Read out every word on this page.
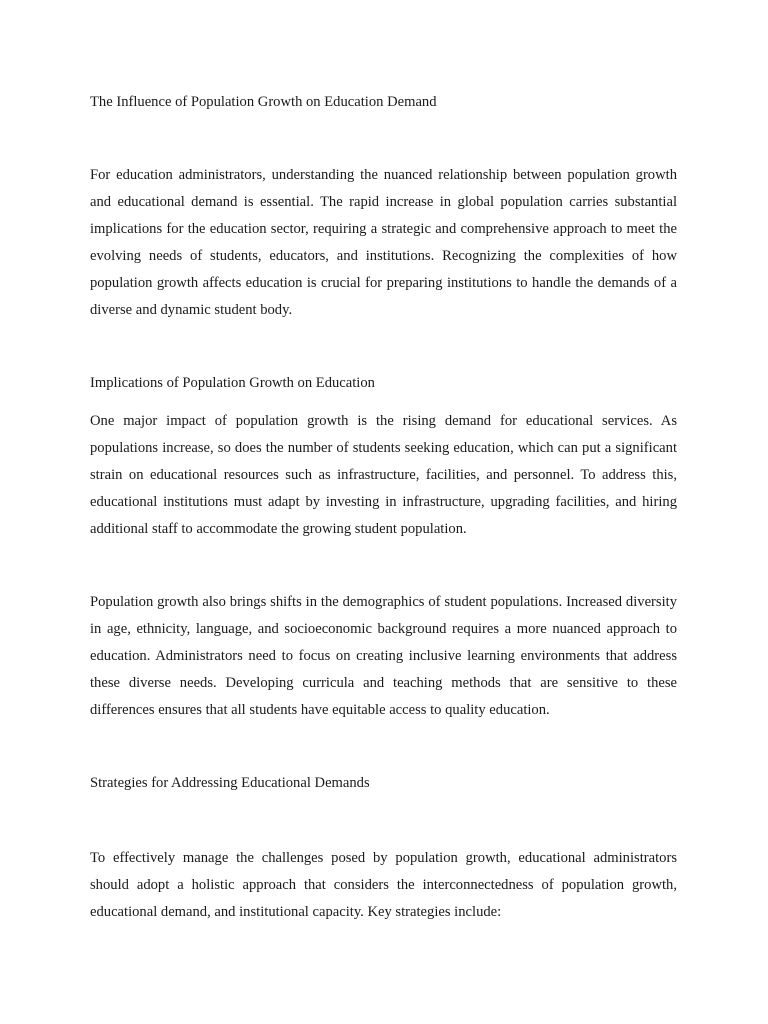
The Influence of Population Growth on Education Demand

For education administrators, understanding the nuanced relationship between population growth and educational demand is essential. The rapid increase in global population carries substantial implications for the education sector, requiring a strategic and comprehensive approach to meet the evolving needs of students, educators, and institutions. Recognizing the complexities of how population growth affects education is crucial for preparing institutions to handle the demands of a diverse and dynamic student body.

Implications of Population Growth on Education

One major impact of population growth is the rising demand for educational services. As populations increase, so does the number of students seeking education, which can put a significant strain on educational resources such as infrastructure, facilities, and personnel. To address this, educational institutions must adapt by investing in infrastructure, upgrading facilities, and hiring additional staff to accommodate the growing student population.

Population growth also brings shifts in the demographics of student populations. Increased diversity in age, ethnicity, language, and socioeconomic background requires a more nuanced approach to education. Administrators need to focus on creating inclusive learning environments that address these diverse needs. Developing curricula and teaching methods that are sensitive to these differences ensures that all students have equitable access to quality education.

Strategies for Addressing Educational Demands

To effectively manage the challenges posed by population growth, educational administrators should adopt a holistic approach that considers the interconnectedness of population growth, educational demand, and institutional capacity. Key strategies include:
